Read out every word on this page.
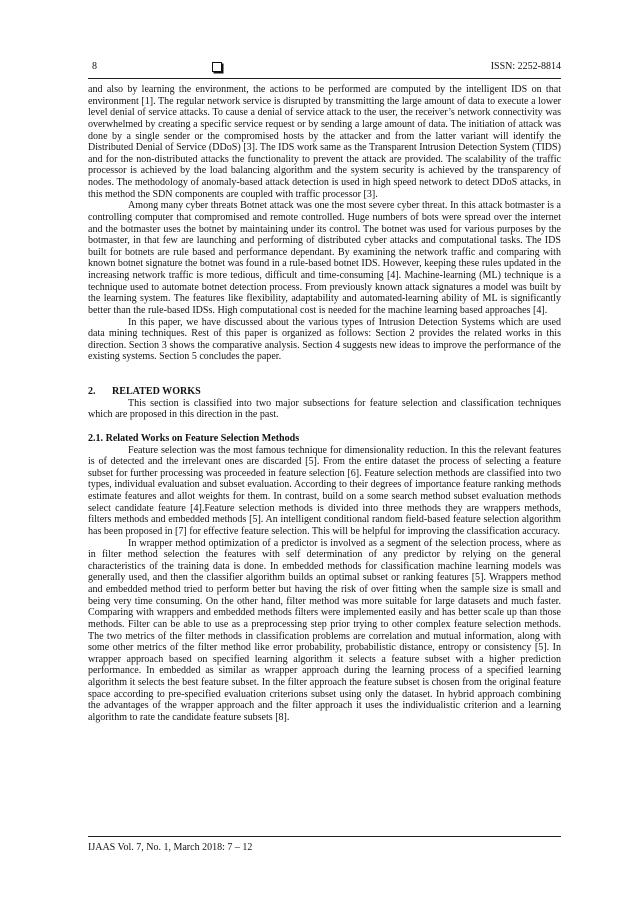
8	ISSN: 2252-8814

and also by learning the environment, the actions to be performed are computed by the intelligent IDS on that environment [1]. The regular network service is disrupted by transmitting the large amount of data to execute a lower level denial of service attacks. To cause a denial of service attack to the user, the receiver’s network connectivity was overwhelmed by creating a specific service request or by sending a large amount of data. The initiation of attack was done by a single sender or the compromised hosts by the attacker and from the latter variant will identify the Distributed Denial of Service (DDoS) [3]. The IDS work same as the Transparent Intrusion Detection System (TIDS) and for the non-distributed attacks the functionality to prevent the attack are provided. The scalability of the traffic processor is achieved by the load balancing algorithm and the system security is achieved by the transparency of nodes. The methodology of anomaly-based attack detection is used in high speed network to detect DDoS attacks, in this method the SDN components are coupled with traffic processor [3].

Among many cyber threats Botnet attack was one the most severe cyber threat. In this attack botmaster is a controlling computer that compromised and remote controlled. Huge numbers of bots were spread over the internet and the botmaster uses the botnet by maintaining under its control. The botnet was used for various purposes by the botmaster, in that few are launching and performing of distributed cyber attacks and computational tasks. The IDS built for botnets are rule based and performance dependant. By examining the network traffic and comparing with known botnet signature the botnet was found in a rule-based botnet IDS. However, keeping these rules updated in the increasing network traffic is more tedious, difficult and time-consuming [4]. Machine-learning (ML) technique is a technique used to automate botnet detection process. From previously known attack signatures a model was built by the learning system. The features like flexibility, adaptability and automated-learning ability of ML is significantly better than the rule-based IDSs. High computational cost is needed for the machine learning based approaches [4].

In this paper, we have discussed about the various types of Intrusion Detection Systems which are used data mining techniques. Rest of this paper is organized as follows: Section 2 provides the related works in this direction. Section 3 shows the comparative analysis. Section 4 suggests new ideas to improve the performance of the existing systems. Section 5 concludes the paper.

2. RELATED WORKS

This section is classified into two major subsections for feature selection and classification techniques which are proposed in this direction in the past.

2.1. Related Works on Feature Selection Methods

Feature selection was the most famous technique for dimensionality reduction. In this the relevant features is of detected and the irrelevant ones are discarded [5]. From the entire dataset the process of selecting a feature subset for further processing was proceeded in feature selection [6]. Feature selection methods are classified into two types, individual evaluation and subset evaluation. According to their degrees of importance feature ranking methods estimate features and allot weights for them. In contrast, build on a some search method subset evaluation methods select candidate feature [4].Feature selection methods is divided into three methods they are wrappers methods, filters methods and embedded methods [5]. An intelligent conditional random field-based feature selection algorithm has been proposed in [7] for effective feature selection. This will be helpful for improving the classification accuracy.

In wrapper method optimization of a predictor is involved as a segment of the selection process, where as in filter method selection the features with self determination of any predictor by relying on the general characteristics of the training data is done. In embedded methods for classification machine learning models was generally used, and then the classifier algorithm builds an optimal subset or ranking features [5]. Wrappers method and embedded method tried to perform better but having the risk of over fitting when the sample size is small and being very time consuming. On the other hand, filter method was more suitable for large datasets and much faster. Comparing with wrappers and embedded methods filters were implemented easily and has better scale up than those methods. Filter can be able to use as a preprocessing step prior trying to other complex feature selection methods. The two metrics of the filter methods in classification problems are correlation and mutual information, along with some other metrics of the filter method like error probability, probabilistic distance, entropy or consistency [5]. In wrapper approach based on specified learning algorithm it selects a feature subset with a higher prediction performance. In embedded as similar as wrapper approach during the learning process of a specified learning algorithm it selects the best feature subset. In the filter approach the feature subset is chosen from the original feature space according to pre-specified evaluation criterions subset using only the dataset. In hybrid approach combining the advantages of the wrapper approach and the filter approach it uses the individualistic criterion and a learning algorithm to rate the candidate feature subsets [8].

IJAAS Vol. 7, No. 1, March 2018: 7 – 12
